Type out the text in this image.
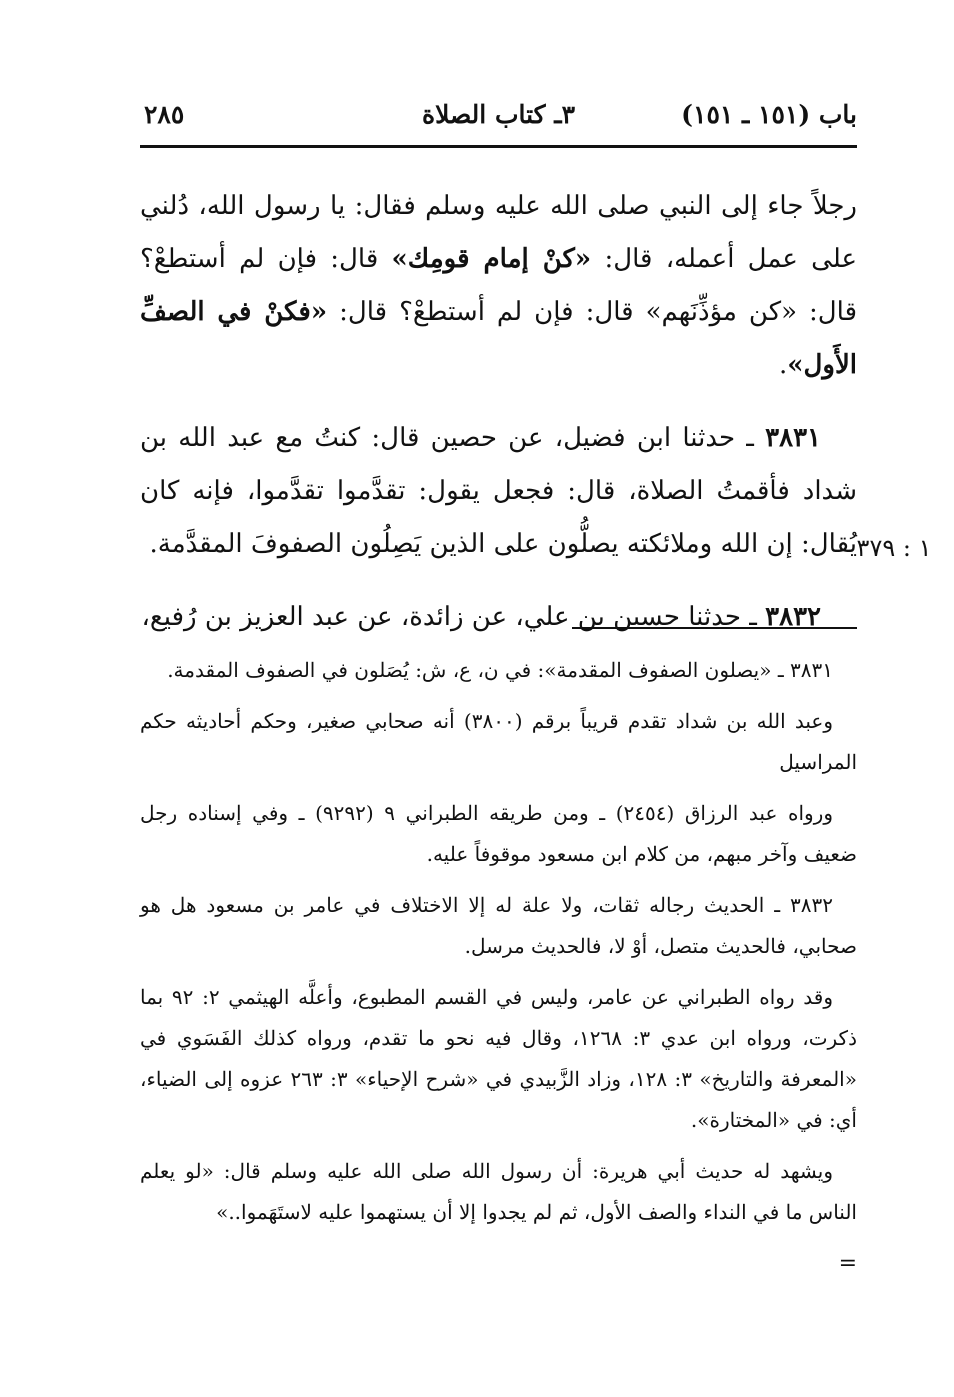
باب (١٥١ ـ ١٥١)
٣ـ كتاب الصلاة
٢٨٥

رجلاً جاء إلى النبي صلى الله عليه وسلم فقال: يا رسول الله، دُلني على عمل أعمله، قال: «كنْ إمام قومِك» قال: فإن لم أستطعْ؟ قال: «كن مؤذِّنَهم» قال: فإن لم أستطعْ؟ قال: «فكنْ في الصفِّ الأَول».

٣٨٣١ ـ حدثنا ابن فضيل، عن حصين قال: كنتُ مع عبد الله بن شداد فأقمتُ الصلاة، قال: فجعل يقول: تقدَّموا تقدَّموا، فإنه كان يُقال: إن الله وملائكته يصلُّون على الذين يَصِلُون الصفوفَ المقدَّمة.

٣٨٣٢ ـ حدثنا حسين بن علي، عن زائدة، عن عبد العزيز بن رُفيع،

١ : ٣٧٩

٣٨٣١ ـ «يصلون الصفوف المقدمة»: في ن، ع، ش: يُصَلون في الصفوف المقدمة.

وعبد الله بن شداد تقدم قريباً برقم (٣٨٠٠) أنه صحابي صغير، وحكم أحاديثه حكم المراسيل

ورواه عبد الرزاق (٢٤٥٤) ـ ومن طريقه الطبراني ٩ (٩٢٩٢) ـ وفي إسناده رجل ضعيف وآخر مبهم، من كلام ابن مسعود موقوفاً عليه.

٣٨٣٢ ـ الحديث رجاله ثقات، ولا علة له إلا الاختلاف في عامر بن مسعود هل هو صحابي، فالحديث متصل، أوْ لا، فالحديث مرسل.

وقد رواه الطبراني عن عامر، وليس في القسم المطبوع، وأعلَّه الهيثمي ٢: ٩٢ بما ذكرت، ورواه ابن عدي ٣: ١٢٦٨، وقال فيه نحو ما تقدم، ورواه كذلك الفَسَوي في «المعرفة والتاريخ» ٣: ١٢٨، وزاد الزَّبيدي في «شرح الإحياء» ٣: ٢٦٣ عزوه إلى الضياء، أي: في «المختارة».

ويشهد له حديث أبي هريرة: أن رسول الله صلى الله عليه وسلم قال: «لو يعلم الناس ما في النداء والصف الأول، ثم لم يجدوا إلا أن يستهموا عليه لاستَهَموا..»

=
